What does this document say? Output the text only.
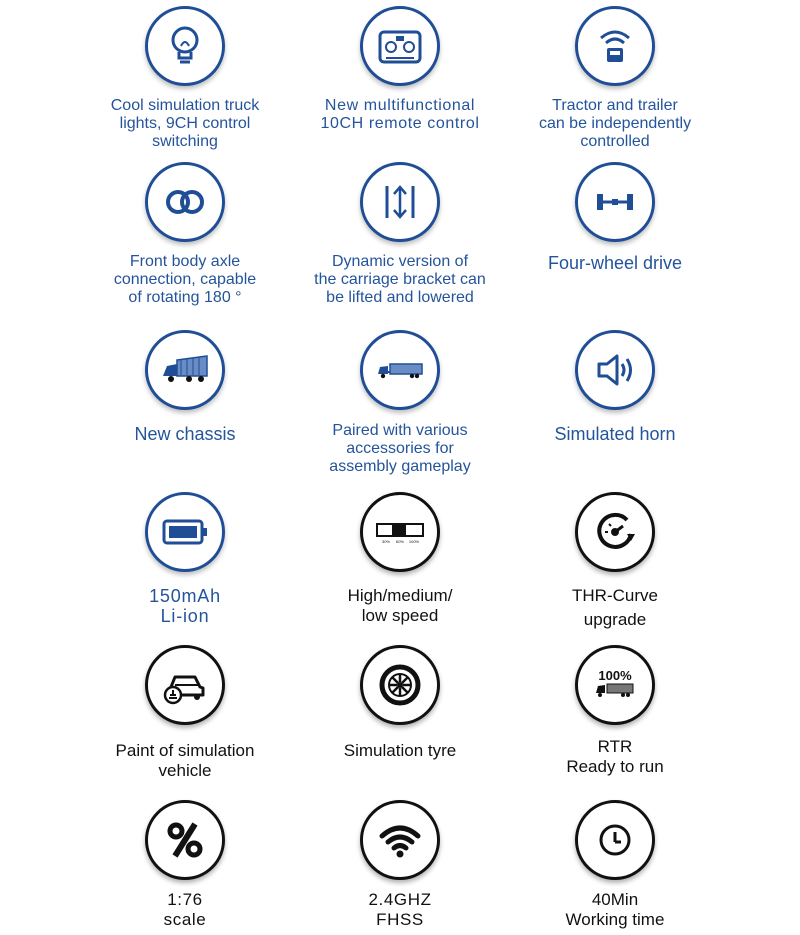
Cool simulation truck
lights, 9CH control
switching
New multifunctional
10CH remote control
Tractor and trailer
can be independently
controlled
Front body axle
connection, capable
of rotating 180 °
Dynamic version of
the carriage bracket can
be lifted and lowered
Four-wheel drive
New chassis	Paired with various
accessories for
assembly gameplay
Simulated horn
150mAh
Li-ion
30% 60% 100%
High/medium/
low speed
THR-Curve
upgrade
Paint of simulation
vehicle
Simulation tyre
100%
RTR
Ready to run
1:76
scale
2.4GHZ
FHSS
40Min
Working time
